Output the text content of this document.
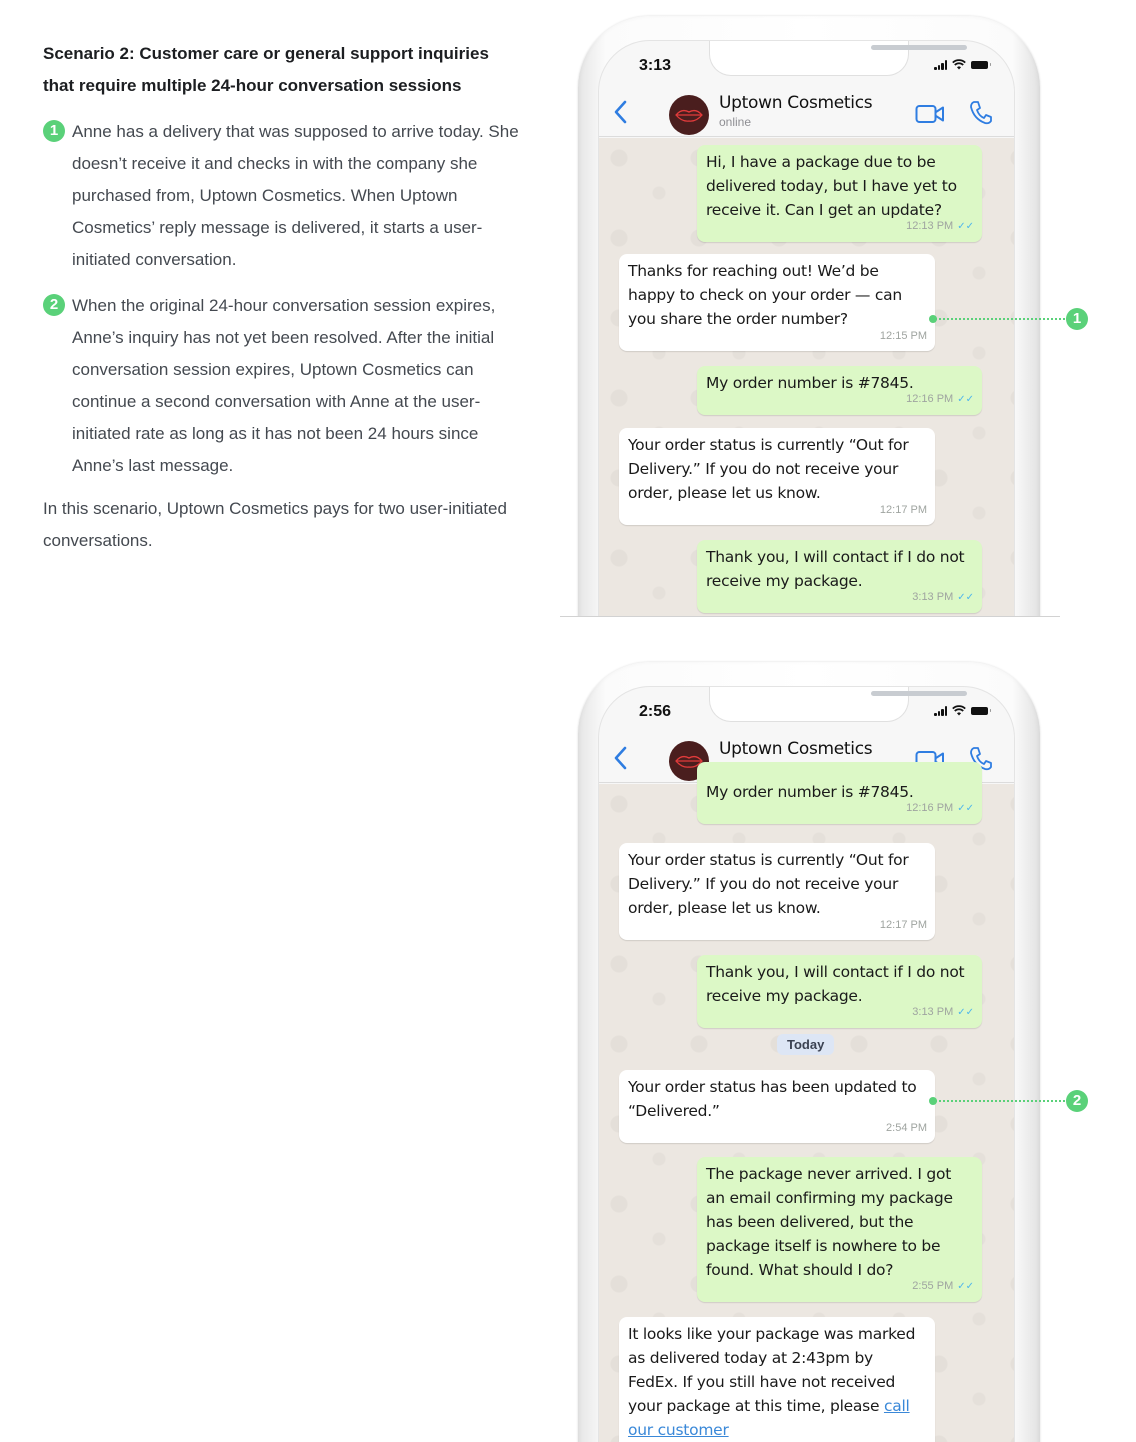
Scenario 2: Customer care or general support inquiries that require multiple 24-hour conversation sessions
1 Anne has a delivery that was supposed to arrive today. She doesn’t receive it and checks in with the company she purchased from, Uptown Cosmetics. When Uptown Cosmetics’ reply message is delivered, it starts a user-initiated conversation.
2 When the original 24-hour conversation session expires, Anne’s inquiry has not yet been resolved. After the initial conversation session expires, Uptown Cosmetics can continue a second conversation with Anne at the user-initiated rate as long as it has not been 24 hours since Anne’s last message.

In this scenario, Uptown Cosmetics pays for two user-initiated conversations.

3:13
Uptown Cosmetics
online
Hi, I have a package due to be delivered today, but I have yet to receive it. Can I get an update?
12:13 PM ✓✓
Thanks for reaching out! We’d be happy to check on your order — can you share the order number?
12:15 PM
My order number is #7845.
12:16 PM ✓✓
Your order status is currently “Out for Delivery.” If you do not receive your order, please let us know.
12:17 PM
Thank you, I will contact if I do not receive my package.
3:13 PM ✓✓
1
2:56
Uptown Cosmetics
My order number is #7845.
12:16 PM ✓✓
Your order status is currently “Out for Delivery.” If you do not receive your order, please let us know.
12:17 PM
Thank you, I will contact if I do not receive my package.
3:13 PM ✓✓
Today
Your order status has been updated to “Delivered.”
2:54 PM
The package never arrived. I got an email confirming my package has been delivered, but the package itself is nowhere to be found. What should I do?
2:55 PM ✓✓
It looks like your package was marked as delivered today at 2:43pm by FedEx. If you still have not received your package at this time, please call our customer
2
